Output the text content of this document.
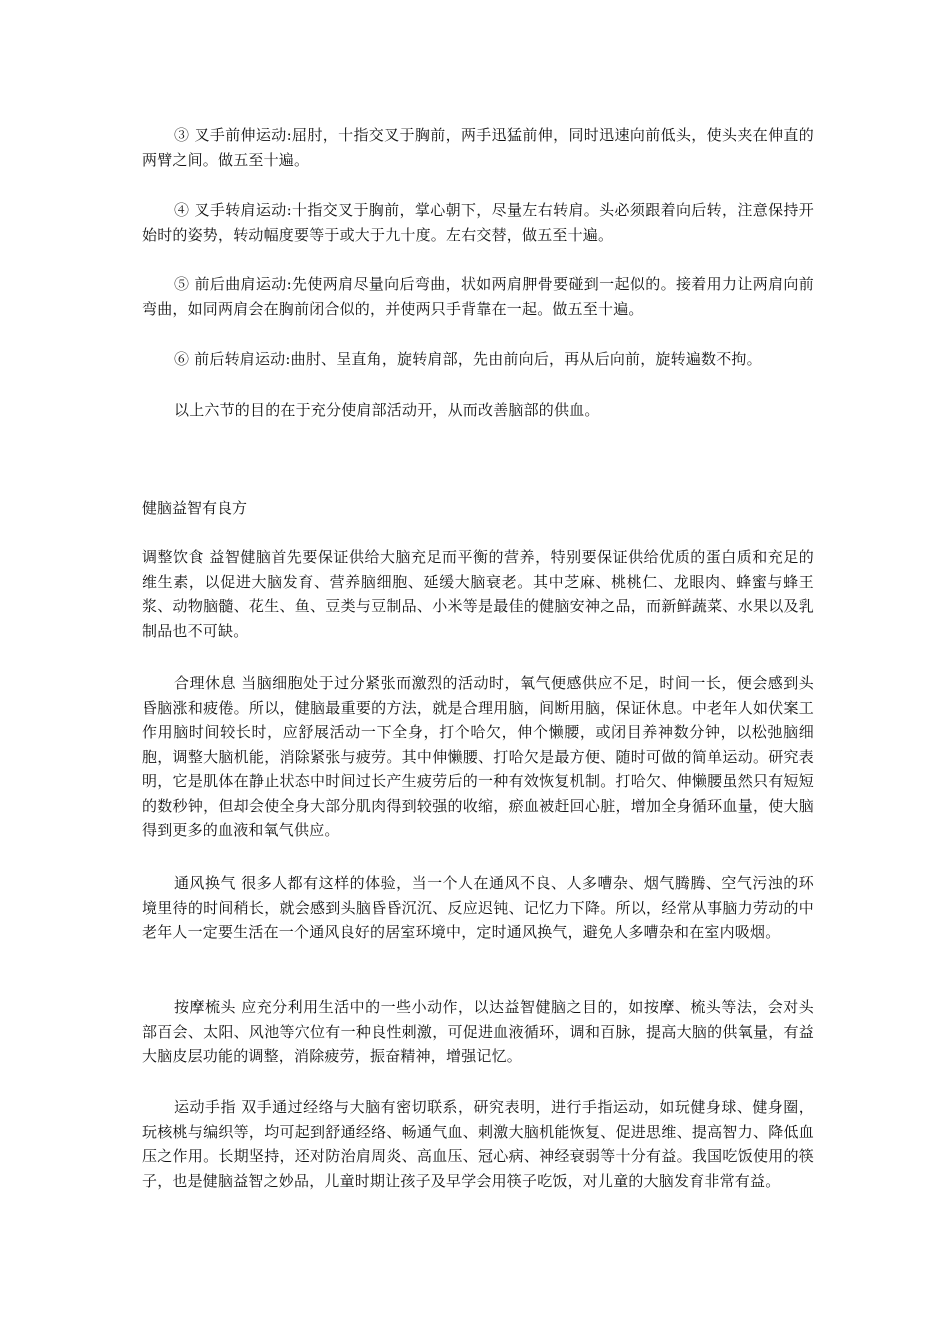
③ 叉手前伸运动:屈肘，十指交叉于胸前，两手迅猛前伸，同时迅速向前低头，使头夹在伸直的两臂之间。做五至十遍。

④ 叉手转肩运动:十指交叉于胸前，掌心朝下，尽量左右转肩。头必须跟着向后转，注意保持开始时的姿势，转动幅度要等于或大于九十度。左右交替，做五至十遍。

⑤ 前后曲肩运动:先使两肩尽量向后弯曲，状如两肩胛骨要碰到一起似的。接着用力让两肩向前弯曲，如同两肩会在胸前闭合似的，并使两只手背靠在一起。做五至十遍。

⑥ 前后转肩运动:曲肘、呈直角，旋转肩部，先由前向后，再从后向前，旋转遍数不拘。

以上六节的目的在于充分使肩部活动开，从而改善脑部的供血。

健脑益智有良方

调整饮食 益智健脑首先要保证供给大脑充足而平衡的营养，特别要保证供给优质的蛋白质和充足的维生素，以促进大脑发育、营养脑细胞、延缓大脑衰老。其中芝麻、桃桃仁、龙眼肉、蜂蜜与蜂王浆、动物脑髓、花生、鱼、豆类与豆制品、小米等是最佳的健脑安神之品，而新鲜蔬菜、水果以及乳制品也不可缺。

合理休息 当脑细胞处于过分紧张而激烈的活动时，氧气便感供应不足，时间一长，便会感到头昏脑涨和疲倦。所以，健脑最重要的方法，就是合理用脑，间断用脑，保证休息。中老年人如伏案工作用脑时间较长时，应舒展活动一下全身，打个哈欠，伸个懒腰，或闭目养神数分钟，以松弛脑细胞，调整大脑机能，消除紧张与疲劳。其中伸懒腰、打哈欠是最方便、随时可做的简单运动。研究表明，它是肌体在静止状态中时间过长产生疲劳后的一种有效恢复机制。打哈欠、伸懒腰虽然只有短短的数秒钟，但却会使全身大部分肌肉得到较强的收缩，瘀血被赶回心脏，增加全身循环血量，使大脑得到更多的血液和氧气供应。

通风换气 很多人都有这样的体验，当一个人在通风不良、人多嘈杂、烟气腾腾、空气污浊的环境里待的时间稍长，就会感到头脑昏昏沉沉、反应迟钝、记忆力下降。所以，经常从事脑力劳动的中老年人一定要生活在一个通风良好的居室环境中，定时通风换气，避免人多嘈杂和在室内吸烟。

按摩梳头 应充分利用生活中的一些小动作，以达益智健脑之目的，如按摩、梳头等法，会对头部百会、太阳、风池等穴位有一种良性刺激，可促进血液循环，调和百脉，提高大脑的供氧量，有益大脑皮层功能的调整，消除疲劳，振奋精神，增强记忆。

运动手指 双手通过经络与大脑有密切联系，研究表明，进行手指运动，如玩健身球、健身圈，玩核桃与编织等，均可起到舒通经络、畅通气血、刺激大脑机能恢复、促进思维、提高智力、降低血压之作用。长期坚持，还对防治肩周炎、高血压、冠心病、神经衰弱等十分有益。我国吃饭使用的筷子，也是健脑益智之妙品，儿童时期让孩子及早学会用筷子吃饭，对儿童的大脑发育非常有益。
